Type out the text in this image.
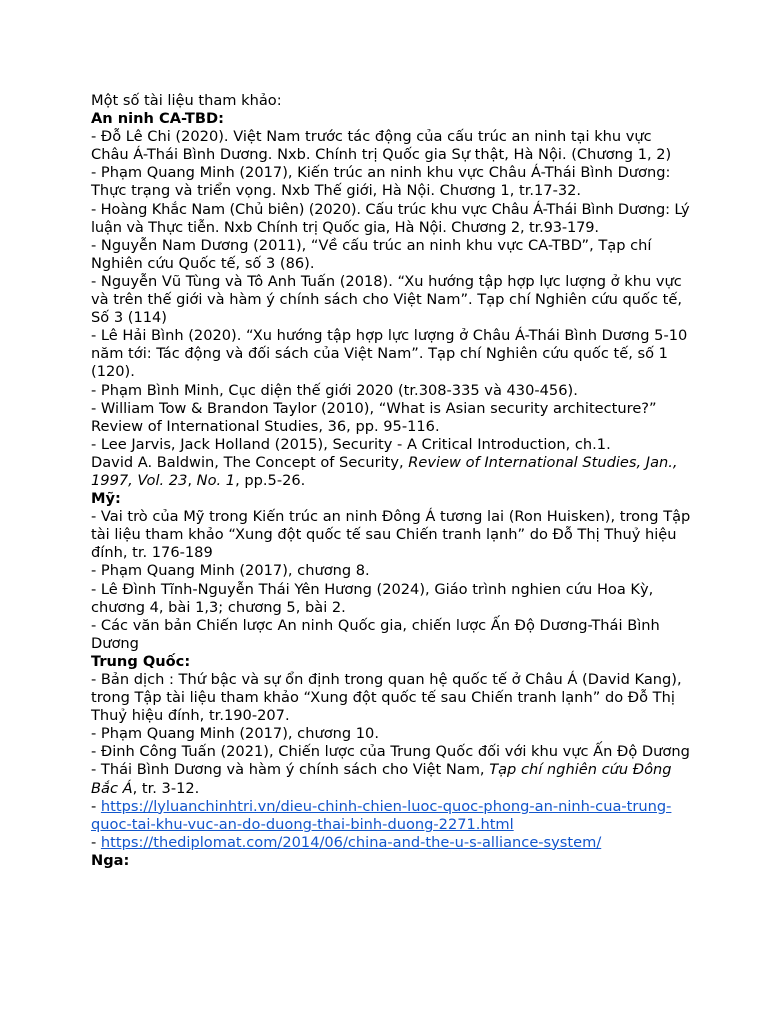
Một số tài liệu tham khảo:

An ninh CA-TBD:

- Đỗ Lê Chi (2020). Việt Nam trước tác động của cấu trúc an ninh tại khu vực Châu Á-Thái Bình Dương. Nxb. Chính trị Quốc gia Sự thật, Hà Nội. (Chương 1, 2)

- Phạm Quang Minh (2017), Kiến trúc an ninh khu vực Châu Á-Thái Bình Dương: Thực trạng và triển vọng. Nxb Thế giới, Hà Nội. Chương 1, tr.17-32.

- Hoàng Khắc Nam (Chủ biên) (2020). Cấu trúc khu vực Châu Á-Thái Bình Dương: Lý luận và Thực tiễn. Nxb Chính trị Quốc gia, Hà Nội. Chương 2, tr.93-179.

- Nguyễn Nam Dương (2011), “Về cấu trúc an ninh khu vực CA-TBD”, Tạp chí Nghiên cứu Quốc tế, số 3 (86).

- Nguyễn Vũ Tùng và Tô Anh Tuấn (2018). “Xu hướng tập hợp lực lượng ở khu vực và trên thế giới và hàm ý chính sách cho Việt Nam”. Tạp chí Nghiên cứu quốc tế, Số 3 (114)

- Lê Hải Bình (2020). “Xu hướng tập hợp lực lượng ở Châu Á-Thái Bình Dương 5-10 năm tới: Tác động và đối sách của Việt Nam”. Tạp chí Nghiên cứu quốc tế, số 1 (120).

- Phạm Bình Minh, Cục diện thế giới 2020 (tr.308-335 và 430-456).

- William Tow & Brandon Taylor (2010), “What is Asian security architecture?” Review of International Studies, 36, pp. 95-116.

- Lee Jarvis, Jack Holland (2015), Security - A Critical Introduction, ch.1.

David A. Baldwin, The Concept of Security, Review of International Studies, Jan., 1997, Vol. 23, No. 1, pp.5-26.

Mỹ:

- Vai trò của Mỹ trong Kiến trúc an ninh Đông Á tương lai (Ron Huisken), trong Tập tài liệu tham khảo “Xung đột quốc tế sau Chiến tranh lạnh” do Đỗ Thị Thuỷ hiệu đính, tr. 176-189

- Phạm Quang Minh (2017), chương 8.

- Lê Đình Tĩnh-Nguyễn Thái Yên Hương (2024), Giáo trình nghien cứu Hoa Kỳ, chương 4, bài 1,3; chương 5, bài 2.

- Các văn bản Chiến lược An ninh Quốc gia, chiến lược Ấn Độ Dương-Thái Bình Dương

Trung Quốc:

- Bản dịch : Thứ bậc và sự ổn định trong quan hệ quốc tế ở Châu Á (David Kang), trong Tập tài liệu tham khảo “Xung đột quốc tế sau Chiến tranh lạnh” do Đỗ Thị Thuỷ hiệu đính, tr.190-207.

- Phạm Quang Minh (2017), chương 10.

- Đinh Công Tuấn (2021), Chiến lược của Trung Quốc đối với khu vực Ấn Độ Dương - Thái Bình Dương và hàm ý chính sách cho Việt Nam, Tạp chí nghiên cứu Đông Bắc Á, tr. 3-12.

- https://lyluanchinhtri.vn/dieu-chinh-chien-luoc-quoc-phong-an-ninh-cua-trung-quoc-tai-khu-vuc-an-do-duong-thai-binh-duong-2271.html

- https://thediplomat.com/2014/06/china-and-the-u-s-alliance-system/

Nga:
